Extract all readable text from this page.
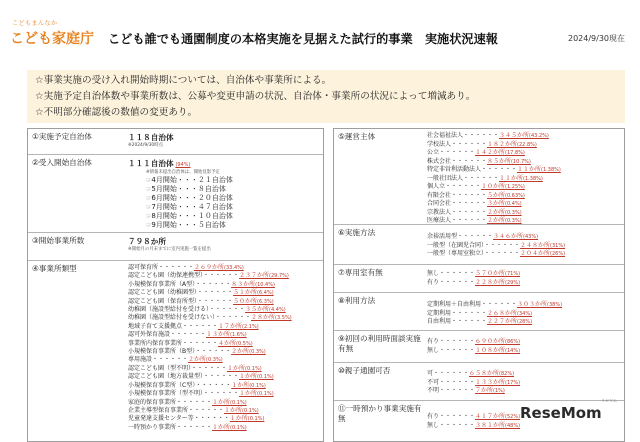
こどもまんなか
こども家庭庁	こども誰でも通園制度の本格実施を見据えた試行的事業　実施状況速報	2024/9/30現在

☆事業実施の受け入れ開始時期については、自治体や事業所による。

☆実施予定自治体数や事業所数は、公募や変更申請の状況、自治体・事業所の状況によって増減あり。

☆不明部分確認後の数値の変更あり。

①実施予定自治体	１１８自治体
※2024/9/30時点
②受入開始自治体	１１１自治体 (94%)
※情報未提出自治体は、開始見影予定
☞4月開始・・・２１自治体
☞5月開始・・・８自治体
☞6月開始・・・２０自治体
☞7月開始・・・４７自治体
☞8月開始・・・１０自治体
☞9月開始・・・５自治体
③開始事業所数	７９８か所
※開始月の月末までに室内実施一覧を提出
④事業所類型	認可保育所・・・・・・２６９か所(33.4%)
認定こども園（幼保連携型）・・・・・・２３７か所(29.7%)
小規模保育事業所（A型）・・・・・・８３か所(10.4%)
認定こども園（幼稚園型）・・・・・・５１か所(6.4%)
認定こども園（保育所型）・・・・・・５０か所(6.3%)
幼稚園（施設型給付を受ける）・・・・・・３５か所(4.4%)
幼稚園（施設型給付を受けない）・・・・・・２８か所(3.5%)
地域子育て支援拠点・・・・・・１７か所(2.1%)
認可外保育施設・・・・・・１３か所(1.6%)
事業所内保育事業所・・・・・・４か所(0.5%)
小規模保育事業所（B型）・・・・・・２か所(0.3%)
専用施設・・・・・・２か所(0.3%)
認定こども園（型不明）・・・・・・１か所(0.1%)
認定こども園（地方裁量型）・・・・・・１か所(0.1%)
小規模保育事業所（C型）・・・・・・１か所(0.1%)
小規模保育事業所（型不明）・・・・・・１か所(0.1%)
家庭的保育事業所・・・・・・１か所(0.1%)
企業主導型保育事業所・・・・・・１か所(0.1%)
児童発達支援センター等・・・・・・１か所(0.1%)
一時預かり事業所・・・・・・１か所(0.1%)
⑤運営主体	社会福祉法人・・・・・・３４５か所(43.2%)
学校法人・・・・・・１８２か所(22.8%)
公立・・・・・・１４２か所(17.8%)
株式会社・・・・・・８５か所(10.7%)
特定非営利活動法人・・・・・・１１か所(1.38%)
一般社団法人・・・・・・１１か所(1.38%)
個人立・・・・・・１０か所(1.25%)
有限会社・・・・・・５か所(0.63%)
合同会社・・・・・・３か所(0.4%)
宗教法人・・・・・・２か所(0.3%)
医療法人・・・・・・２か所(0.3%)
⑥実施方法	余裕活用型・・・・・・３４６か所(43%)
一般型（在園児合同）・・・・・・２４８か所(31%)
一般型（専用室独立）・・・・・・２０４か所(26%)
⑦専用室有無	無し・・・・・・５７０か所(71%)
有り・・・・・・２２８か所(29%)
⑧利用方法	定期利用＋自由利用・・・・・・３０３か所(38%)
定期利用・・・・・・２６８か所(34%)
自由利用・・・・・・２２７か所(28%)
⑨初回の利用時面談実施有無
有り・・・・・・６９０か所(86%)
無し・・・・・・１０８か所(14%)
⑩親子通園可否	可・・・・・・６５８か所(82%)
不可・・・・・・１３３か所(17%)
不明・・・・・・７か所(1%)
⑪一時預かり事業実施有無	有り・・・・・・４１７か所(52%)
無し・・・・・・３８１か所(48%)
リセマム
ReseMom
